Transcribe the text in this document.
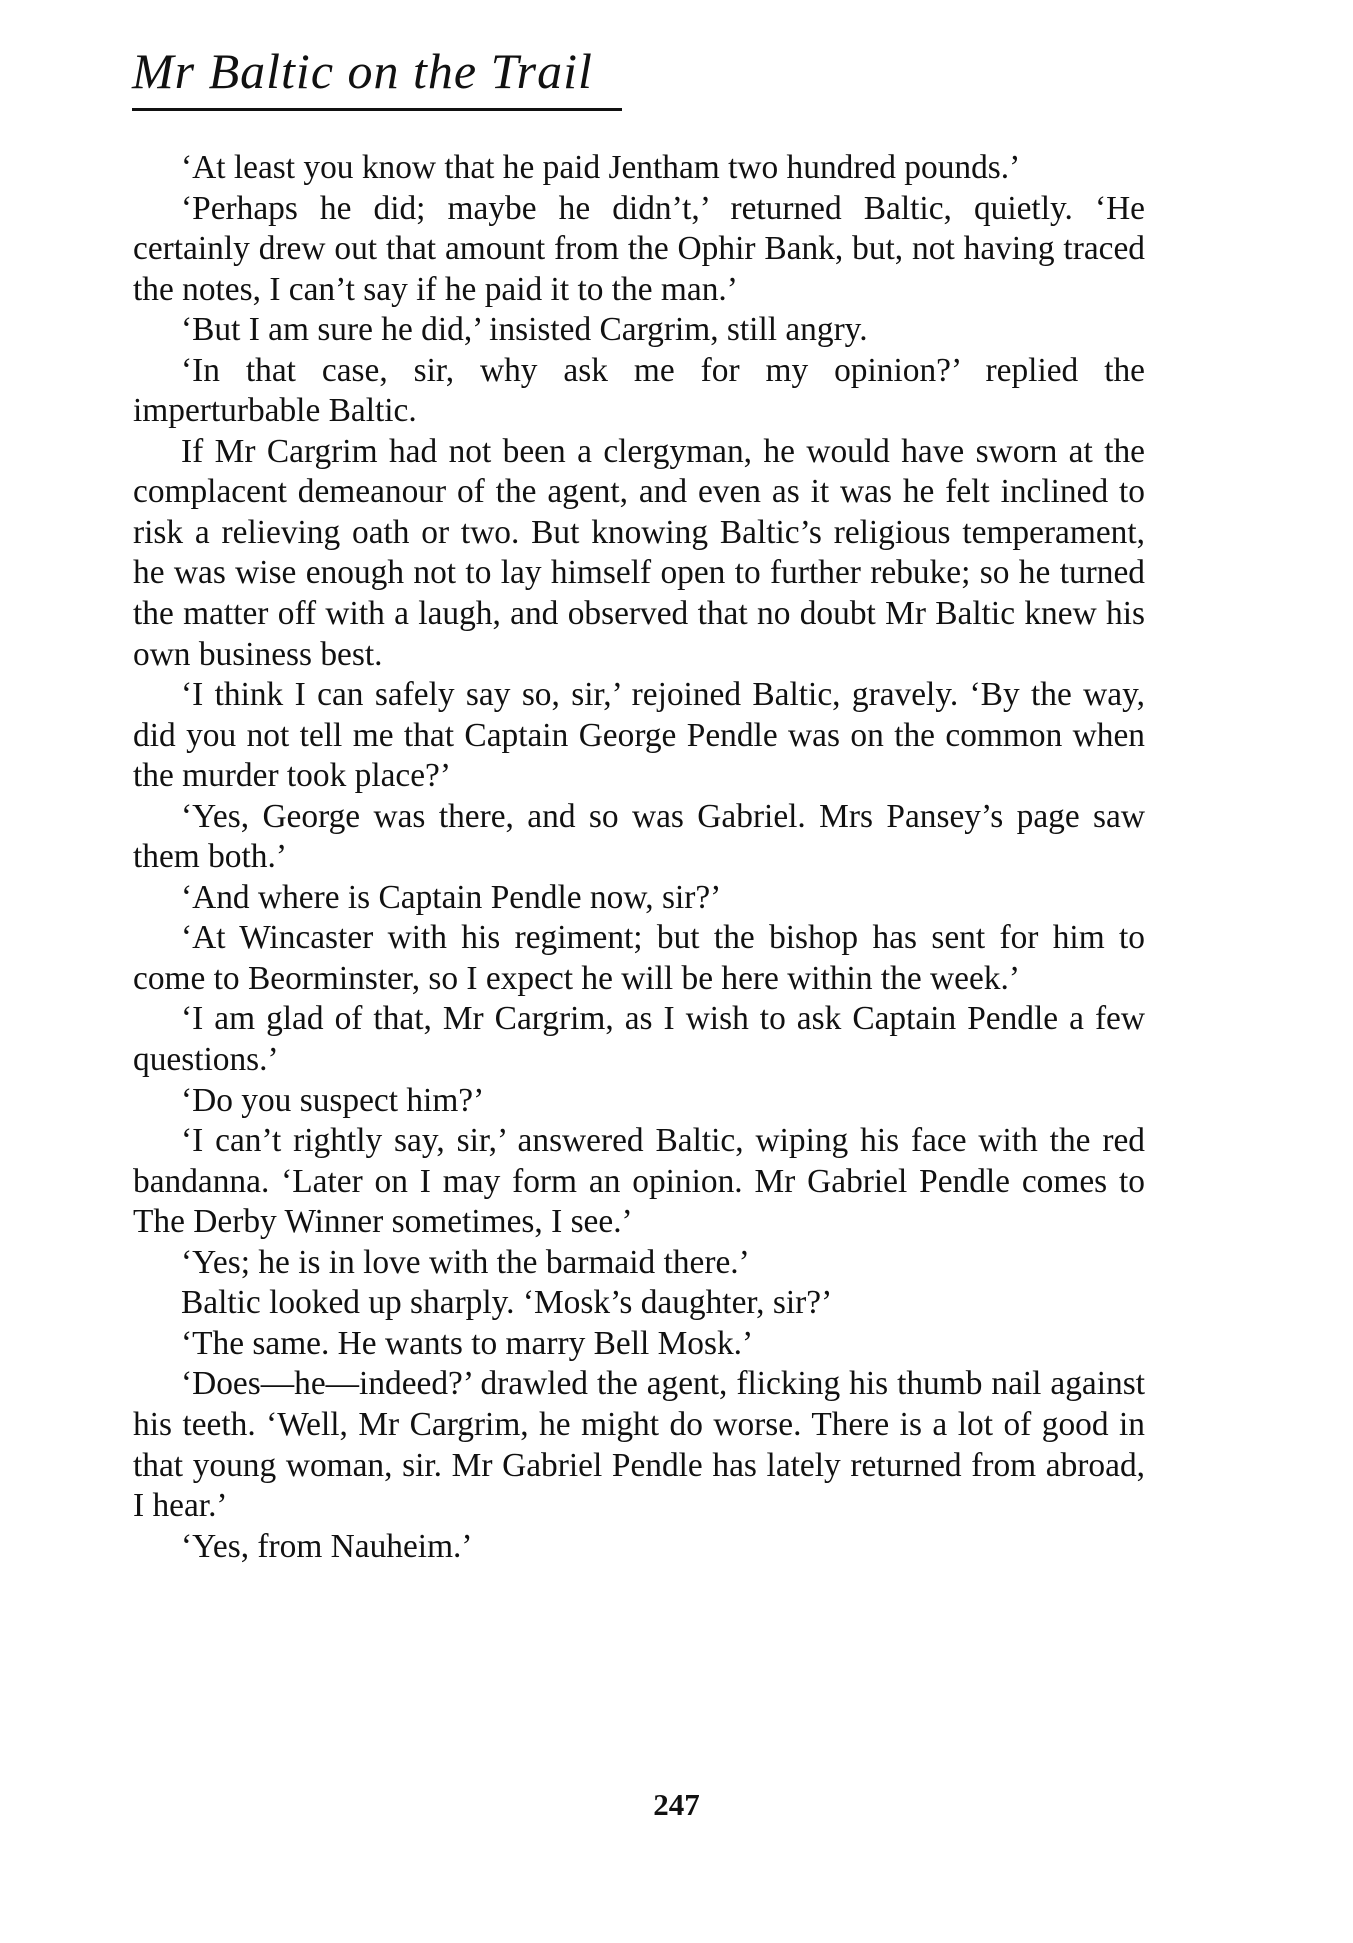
Mr Baltic on the Trail

‘At least you know that he paid Jentham two hundred pounds.’

‘Perhaps he did; maybe he didn’t,’ returned Baltic, quietly. ‘He certainly drew out that amount from the Ophir Bank, but, not having traced the notes, I can’t say if he paid it to the man.’

‘But I am sure he did,’ insisted Cargrim, still angry.

‘In that case, sir, why ask me for my opinion?’ replied the imperturbable Baltic.

If Mr Cargrim had not been a clergyman, he would have sworn at the complacent demeanour of the agent, and even as it was he felt inclined to risk a relieving oath or two. But knowing Baltic’s religious temperament, he was wise enough not to lay himself open to further rebuke; so he turned the matter off with a laugh, and observed that no doubt Mr Baltic knew his own business best.

‘I think I can safely say so, sir,’ rejoined Baltic, gravely. ‘By the way, did you not tell me that Captain George Pendle was on the common when the murder took place?’

‘Yes, George was there, and so was Gabriel. Mrs Pansey’s page saw them both.’

‘And where is Captain Pendle now, sir?’

‘At Wincaster with his regiment; but the bishop has sent for him to come to Beorminster, so I expect he will be here within the week.’

‘I am glad of that, Mr Cargrim, as I wish to ask Captain Pendle a few questions.’

‘Do you suspect him?’

‘I can’t rightly say, sir,’ answered Baltic, wiping his face with the red bandanna. ‘Later on I may form an opinion. Mr Gabriel Pendle comes to The Derby Winner sometimes, I see.’

‘Yes; he is in love with the barmaid there.’

Baltic looked up sharply. ‘Mosk’s daughter, sir?’

‘The same. He wants to marry Bell Mosk.’

‘Does—he—indeed?’ drawled the agent, flicking his thumb nail against his teeth. ‘Well, Mr Cargrim, he might do worse. There is a lot of good in that young woman, sir. Mr Gabriel Pendle has lately returned from abroad, I hear.’

‘Yes, from Nauheim.’

247
